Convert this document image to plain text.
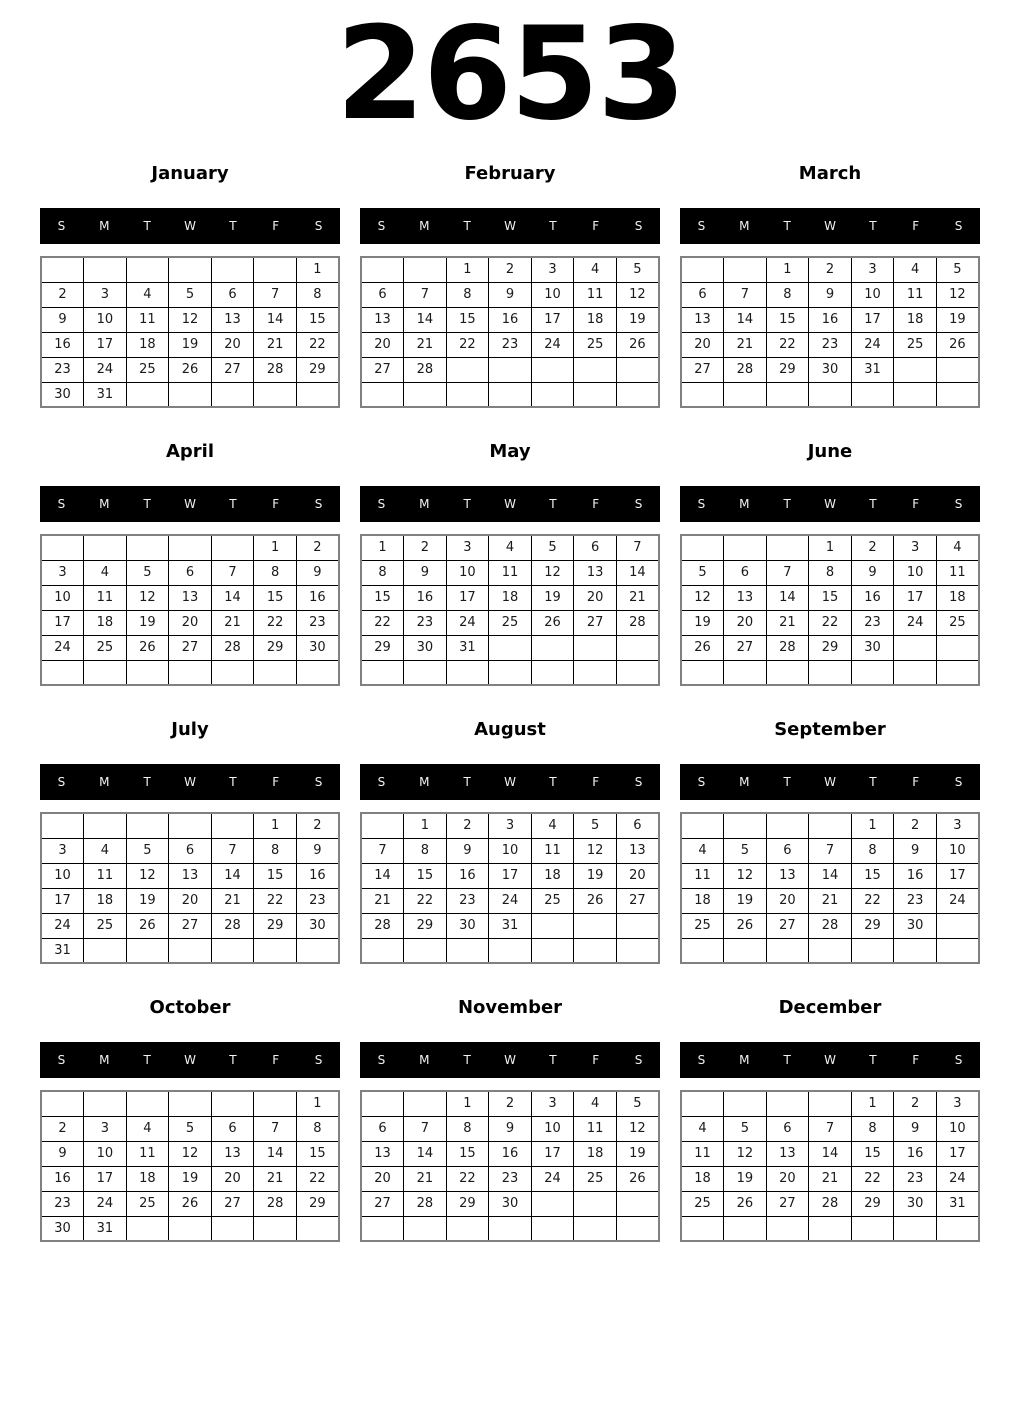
2653
January
S	M	T	W	T	F	S
						1
2	3	4	5	6	7	8
9	10	11	12	13	14	15
16	17	18	19	20	21	22
23	24	25	26	27	28	29
30	31					
February
S	M	T	W	T	F	S
		1	2	3	4	5
6	7	8	9	10	11	12
13	14	15	16	17	18	19
20	21	22	23	24	25	26
27	28					

March
S	M	T	W	T	F	S
		1	2	3	4	5
6	7	8	9	10	11	12
13	14	15	16	17	18	19
20	21	22	23	24	25	26
27	28	29	30	31		

April
S	M	T	W	T	F	S
					1	2
3	4	5	6	7	8	9
10	11	12	13	14	15	16
17	18	19	20	21	22	23
24	25	26	27	28	29	30

May
S	M	T	W	T	F	S
1	2	3	4	5	6	7
8	9	10	11	12	13	14
15	16	17	18	19	20	21
22	23	24	25	26	27	28
29	30	31				

June
S	M	T	W	T	F	S
			1	2	3	4
5	6	7	8	9	10	11
12	13	14	15	16	17	18
19	20	21	22	23	24	25
26	27	28	29	30		

July
S	M	T	W	T	F	S
					1	2
3	4	5	6	7	8	9
10	11	12	13	14	15	16
17	18	19	20	21	22	23
24	25	26	27	28	29	30
31						
August
S	M	T	W	T	F	S
	1	2	3	4	5	6
7	8	9	10	11	12	13
14	15	16	17	18	19	20
21	22	23	24	25	26	27
28	29	30	31			

September
S	M	T	W	T	F	S
				1	2	3
4	5	6	7	8	9	10
11	12	13	14	15	16	17
18	19	20	21	22	23	24
25	26	27	28	29	30	

October
S	M	T	W	T	F	S
						1
2	3	4	5	6	7	8
9	10	11	12	13	14	15
16	17	18	19	20	21	22
23	24	25	26	27	28	29
30	31					
November
S	M	T	W	T	F	S
		1	2	3	4	5
6	7	8	9	10	11	12
13	14	15	16	17	18	19
20	21	22	23	24	25	26
27	28	29	30			

December
S	M	T	W	T	F	S
				1	2	3
4	5	6	7	8	9	10
11	12	13	14	15	16	17
18	19	20	21	22	23	24
25	26	27	28	29	30	31
